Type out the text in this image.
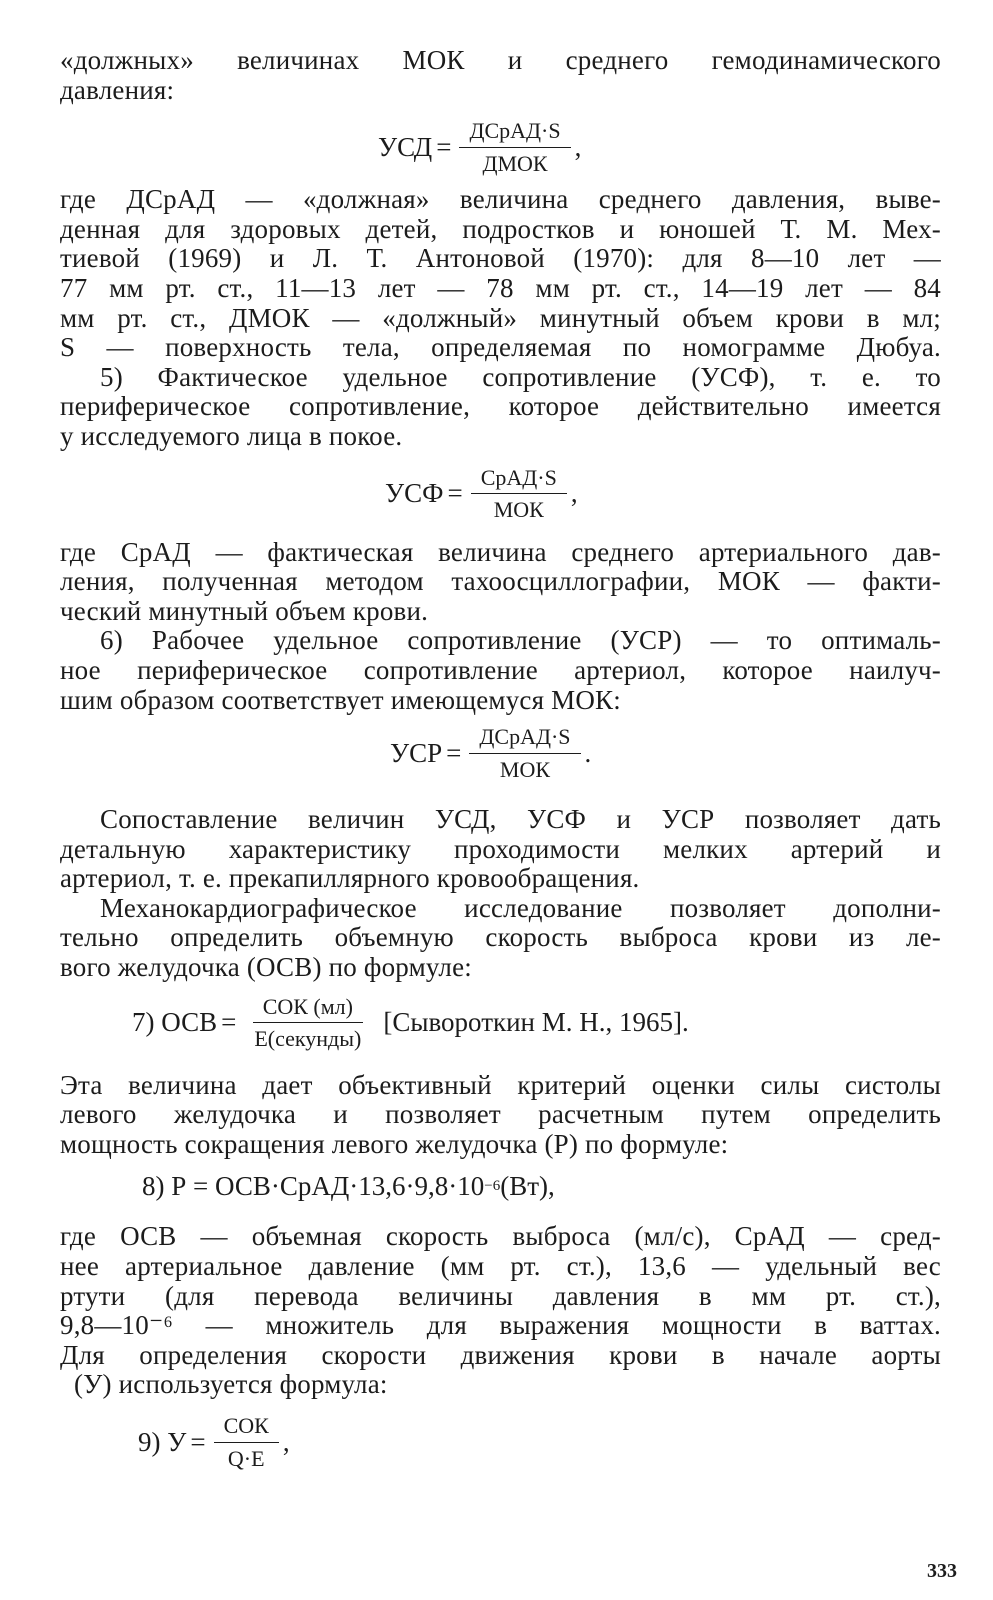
«должных» величинах МОК и среднего гемодинамического
давления:
УСД = $\frac{\text{ДСрАД·S}}{\text{ДМОК}}$ ,
где ДСрАД — «должная» величина среднего давления, выве-
денная для здоровых детей, подростков и юношей Т. М. Мех-
тиевой (1969) и Л. Т. Антоновой (1970): для 8—10 лет —
77 мм рт. ст., 11—13 лет — 78 мм рт. ст., 14—19 лет — 84
мм рт. ст., ДМОК — «должный» минутный объем крови в мл;
S — поверхность тела, определяемая по номограмме Дюбуа.
5) Фактическое удельное сопротивление (УСФ), т. е. то
периферическое сопротивление, которое действительно имеется
у исследуемого лица в покое.
УСФ = $\frac{\text{СрАД·S}}{\text{МОК}}$ ,
где СрАД — фактическая величина среднего артериального дав-
ления, полученная методом тахоосциллографии, МОК — факти-
ческий минутный объем крови.
6) Рабочее удельное сопротивление (УСР) — то оптималь-
ное периферическое сопротивление артериол, которое наилуч-
шим образом соответствует имеющемуся МОК:
УСР = $\frac{\text{ДСрАД·S}}{\text{МОК}}$ .
Сопоставление величин УСД, УСФ и УСР позволяет дать
детальную характеристику проходимости мелких артерий и
артериол, т. е. прекапиллярного кровообращения.
Механокардиографическое исследование позволяет дополни-
тельно определить объемную скорость выброса крови из ле-
вого желудочка (ОСВ) по формуле:
7) ОСВ = $\frac{\text{СОК (мл)}}{\text{Е(секунды)}}$ [Сывороткин М. Н., 1965].
Эта величина дает объективный критерий оценки силы систолы
левого желудочка и позволяет расчетным путем определить
мощность сокращения левого желудочка (Р) по формуле:
8) Р = ОСВ·СрАД·13,6·9,8·10 −6 (Вт),
где ОСВ — объемная скорость выброса (мл/с), СрАД — сред-
нее артериальное давление (мм рт. ст.), 13,6 — удельный вес
ртути (для перевода величины давления в мм рт. ст.),
9,8—10⁻⁶ — множитель для выражения мощности в ваттах.
Для определения скорости движения крови в начале аорты
(У) используется формула:
9) $У = \frac{\text{СОК}}{Q\cdot E}$ ,
333
